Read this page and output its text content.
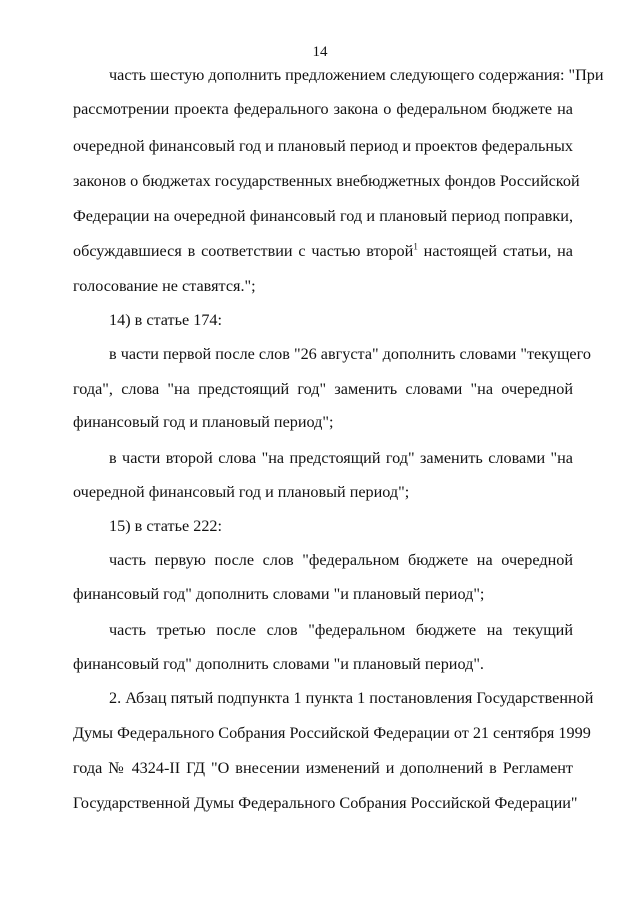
14
часть шестую дополнить предложением следующего содержания: "При
рассмотрении проекта федерального закона о федеральном бюджете на
очередной финансовый год и плановый период и проектов федеральных
законов о бюджетах государственных внебюджетных фондов Российской
Федерации на очередной финансовый год и плановый период поправки,
обсуждавшиеся в соответствии с частью второй$^1$ настоящей статьи, на
голосование не ставятся.";
14) в статье 174:
в части первой после слов "26 августа" дополнить словами "текущего
года", слова "на предстоящий год" заменить словами "на очередной
финансовый год и плановый период";
в части второй слова "на предстоящий год" заменить словами "на
очередной финансовый год и плановый период";
15) в статье 222:
часть первую после слов "федеральном бюджете на очередной
финансовый год" дополнить словами "и плановый период";
часть третью после слов "федеральном бюджете на текущий
финансовый год" дополнить словами "и плановый период".
2. Абзац пятый подпункта 1 пункта 1 постановления Государственной
Думы Федерального Собрания Российской Федерации от 21 сентября 1999
года № 4324-II ГД "О внесении изменений и дополнений в Регламент
Государственной Думы Федерального Собрания Российской Федерации"
